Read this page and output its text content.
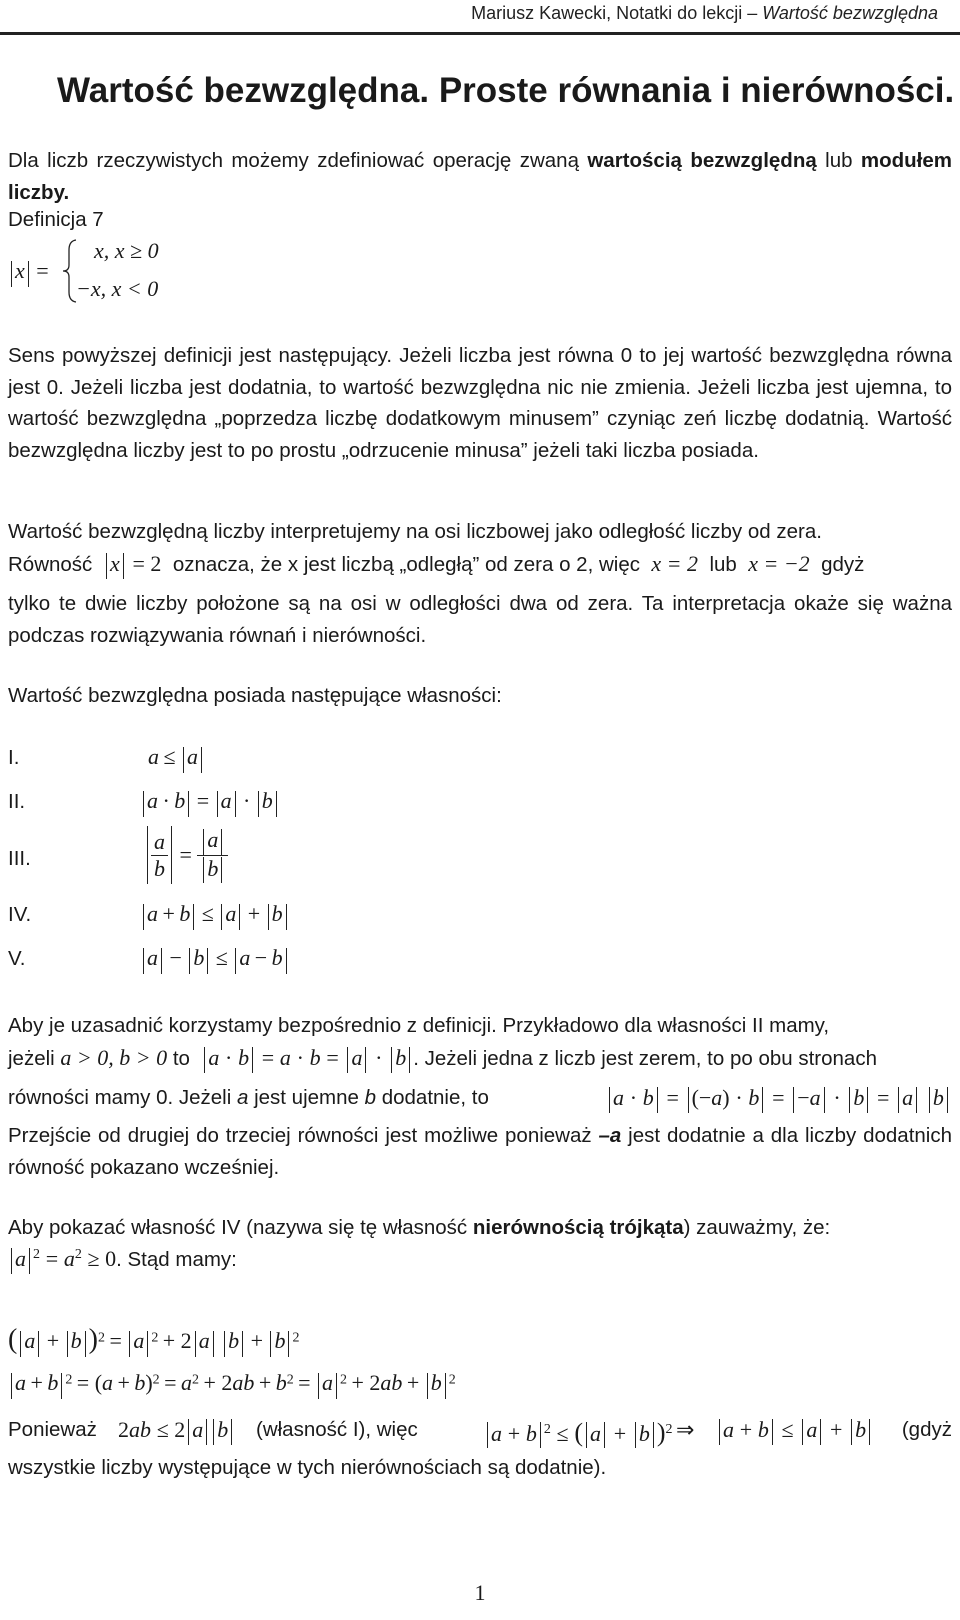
Mariusz Kawecki, Notatki do lekcji – Wartość bezwzględna
Wartość bezwzględna. Proste równania i nierówności.

Dla liczb rzeczywistych możemy zdefiniować operację zwaną wartością bezwzględną lub modułem liczby.

Definicja 7
x =
x, x ≥ 0
−x, x < 0

Sens powyższej definicji jest następujący. Jeżeli liczba jest równa 0 to jej wartość bezwzględna równa jest 0. Jeżeli liczba jest dodatnia, to wartość bezwzględna nic nie zmienia. Jeżeli liczba jest ujemna, to wartość bezwzględna „poprzedza liczbę dodatkowym minusem” czyniąc zeń liczbę dodatnią. Wartość bezwzględna liczby jest to po prostu „odrzucenie minusa” jeżeli taki liczba posiada.

Wartość bezwzględną liczby interpretujemy na osi liczbowej jako odległość liczby od zera.

Równość x = 2 oznacza, że x jest liczbą „odległą” od zera o 2, więc x = 2 lub x = −2 gdyż

tylko te dwie liczby położone są na osi w odległości dwa od zera. Ta interpretacja okaże się ważna podczas rozwiązywania równań i nierówności.

Wartość bezwzględna posiada następujące własności:

I.	a ≤ a
II.	a · b = a · b
III.	$\frac{a}{b} = \frac{a}{b}$
IV.	a + b ≤ a + b
V.	a − b ≤ a − b

Aby je uzasadnić korzystamy bezpośrednio z definicji. Przykładowo dla własności II mamy,

jeżeli a > 0, b > 0 to a · b = a · b = a · b . Jeżeli jedna z liczb jest zerem, to po obu stronach
równości mamy 0. Jeżeli a jest ujemne b dodatnie, to	a · b = (−a) · b = −a · b = a b

Przejście od drugiej do trzeciej równości jest możliwe ponieważ –a jest dodatnie a dla liczby dodatnich równość pokazano wcześniej.

Aby pokazać własność IV (nazywa się tę własność nierównością trójkąta) zauważmy, że:

a $^2 = a^2 \ge 0$. Stąd mamy:
( a + b )$^2$ = a $^2$ + 2 a b + b $^2$
a + b $^2 = (a + b)^2 = a^2 + 2ab + b^2 = a$ $^2$ + 2ab + b $^2$
Ponieważ 2ab ≤ 2 a b	(własność I), więc	a + b $^2$ ≤ ( a + b )$^2$ ⇒	a + b ≤ a + b	(gdyż

wszystkie liczby występujące w tych nierównościach są dodatnie).

1
